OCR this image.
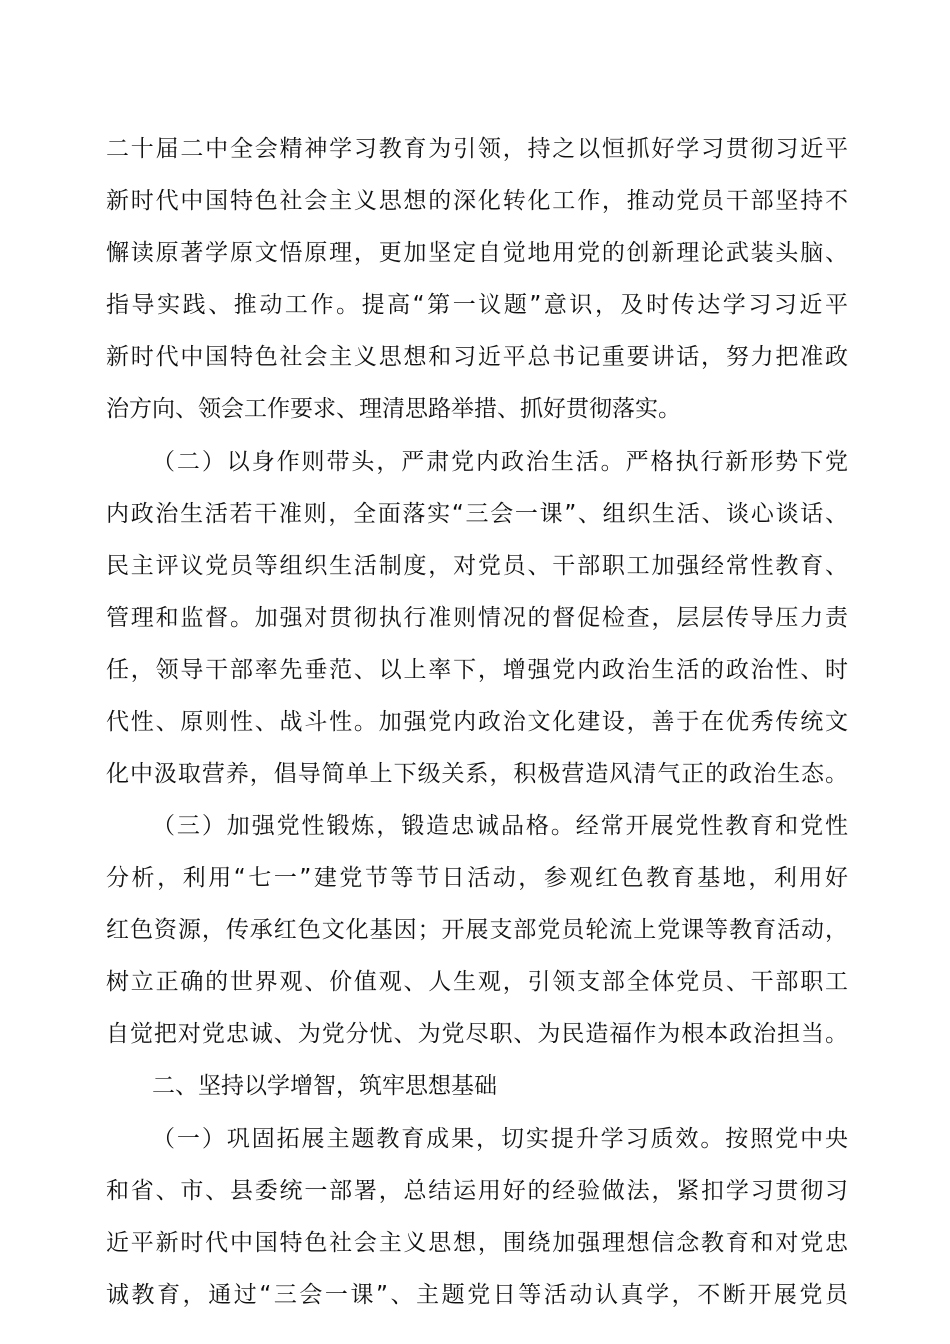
二十届二中全会精神学习教育为引领，持之以恒抓好学习贯彻习近平
新时代中国特色社会主义思想的深化转化工作，推动党员干部坚持不
懈读原著学原文悟原理，更加坚定自觉地用党的创新理论武装头脑、
指导实践、推动工作。提高“第一议题”意识，及时传达学习习近平
新时代中国特色社会主义思想和习近平总书记重要讲话，努力把准政
治方向、领会工作要求、理清思路举措、抓好贯彻落实。
（二）以身作则带头，严肃党内政治生活。严格执行新形势下党
内政治生活若干准则，全面落实“三会一课”、组织生活、谈心谈话、
民主评议党员等组织生活制度，对党员、干部职工加强经常性教育、
管理和监督。加强对贯彻执行准则情况的督促检查，层层传导压力责
任，领导干部率先垂范、以上率下，增强党内政治生活的政治性、时
代性、原则性、战斗性。加强党内政治文化建设，善于在优秀传统文
化中汲取营养，倡导简单上下级关系，积极营造风清气正的政治生态。
（三）加强党性锻炼，锻造忠诚品格。经常开展党性教育和党性
分析，利用“七一”建党节等节日活动，参观红色教育基地，利用好
红色资源，传承红色文化基因；开展支部党员轮流上党课等教育活动，
树立正确的世界观、价值观、人生观，引领支部全体党员、干部职工
自觉把对党忠诚、为党分忧、为党尽职、为民造福作为根本政治担当。
二、坚持以学增智，筑牢思想基础
（一）巩固拓展主题教育成果，切实提升学习质效。按照党中央
和省、市、县委统一部署，总结运用好的经验做法，紧扣学习贯彻习
近平新时代中国特色社会主义思想，围绕加强理想信念教育和对党忠
诚教育，通过“三会一课”、主题党日等活动认真学，不断开展党员
